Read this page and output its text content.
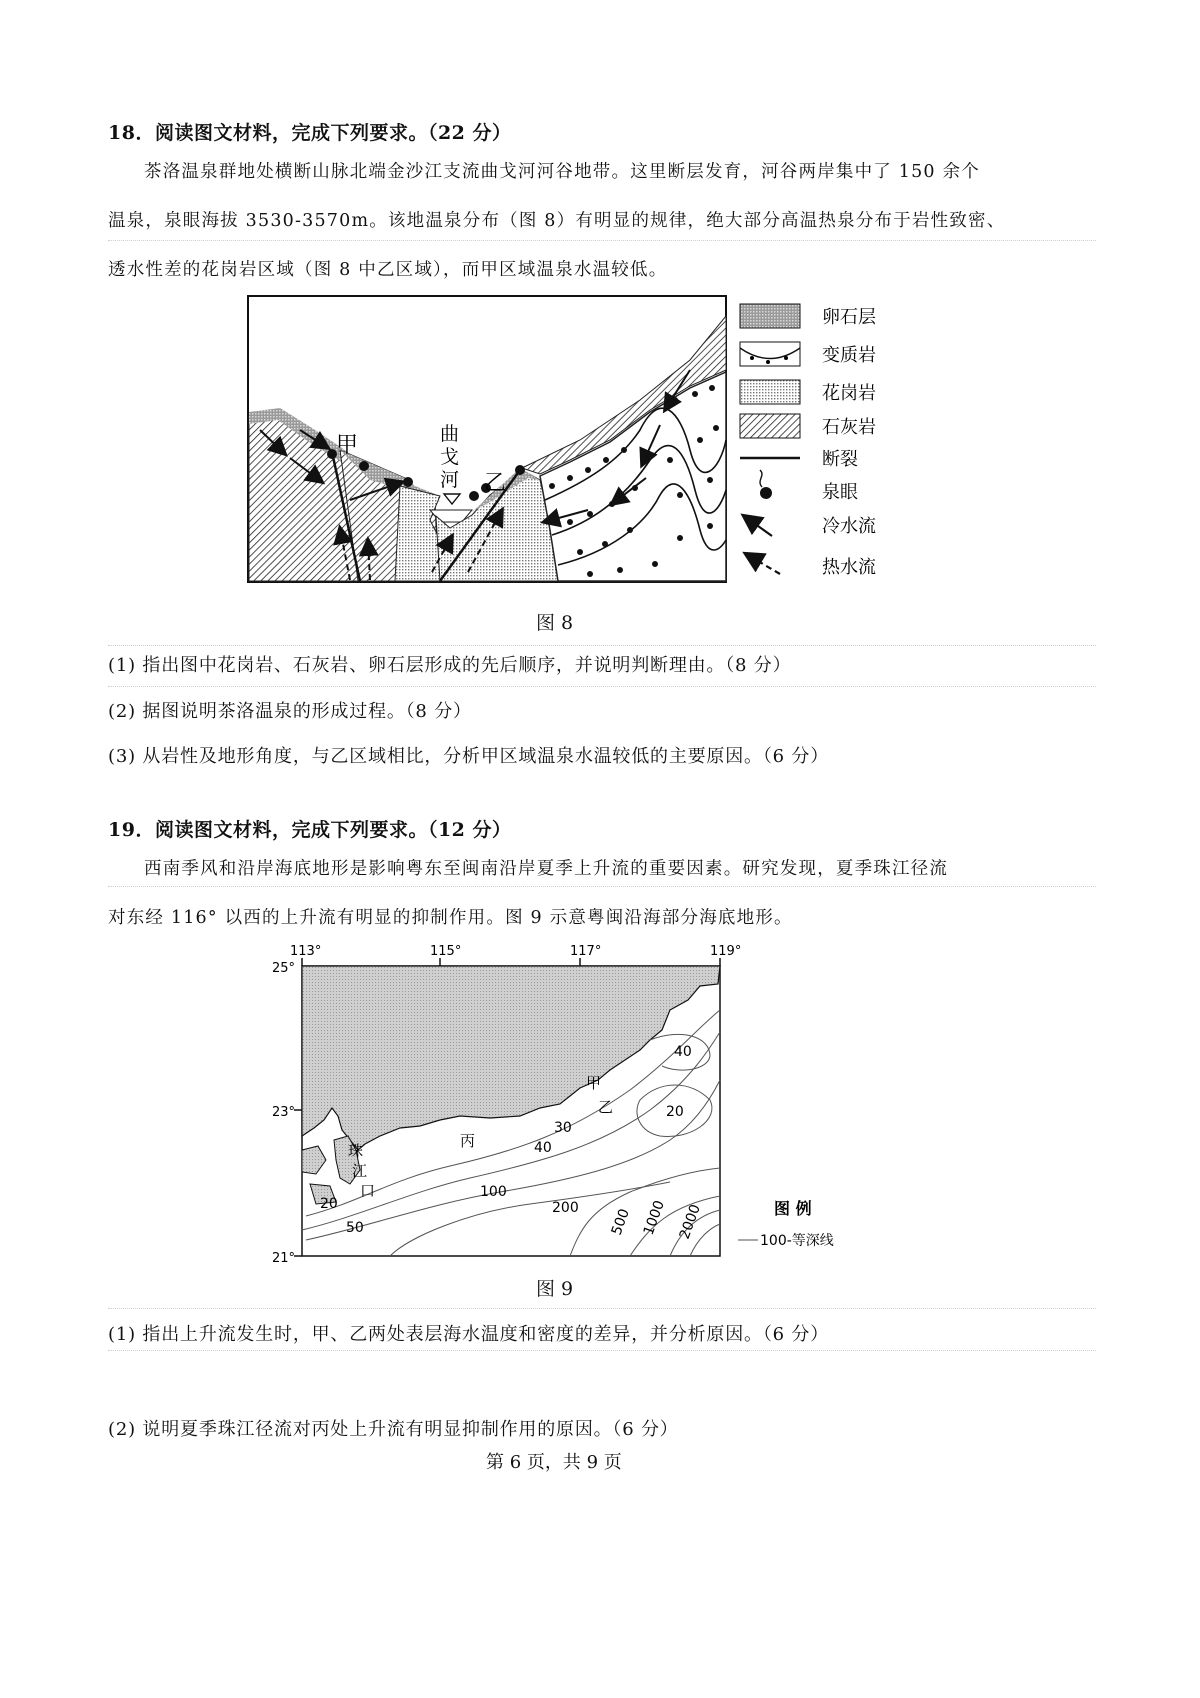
18．阅读图文材料，完成下列要求。（22 分）
茶洛温泉群地处横断山脉北端金沙江支流曲戈河河谷地带。这里断层发育，河谷两岸集中了 150 余个
温泉，泉眼海拔 3530-3570m。该地温泉分布（图 8）有明显的规律，绝大部分高温热泉分布于岩性致密、
透水性差的花岗岩区域（图 8 中乙区域），而甲区域温泉水温较低。
甲
乙
曲
戈
河
卵石层
变质岩
花岗岩
石灰岩
断裂
泉眼
冷水流
热水流
图 8
(1) 指出图中花岗岩、石灰岩、卵石层形成的先后顺序，并说明判断理由。（8 分）
(2) 据图说明茶洛温泉的形成过程。（8 分）
(3) 从岩性及地形角度，与乙区域相比，分析甲区域温泉水温较低的主要原因。（6 分）
19．阅读图文材料，完成下列要求。（12 分）
西南季风和沿岸海底地形是影响粤东至闽南沿岸夏季上升流的重要因素。研究发现，夏季珠江径流
对东经 116° 以西的上升流有明显的抑制作用。图 9 示意粤闽沿海部分海底地形。
113°	115°	117°	119°
25°
23°
21°
40
20
30
40
20
50
100
200 500 1000 2000
甲
乙
丙
珠
江
口
图 例
100-等深线
图 9
(1) 指出上升流发生时，甲、乙两处表层海水温度和密度的差异，并分析原因。（6 分）
(2) 说明夏季珠江径流对丙处上升流有明显抑制作用的原因。（6 分）
第 6 页，共 9 页
